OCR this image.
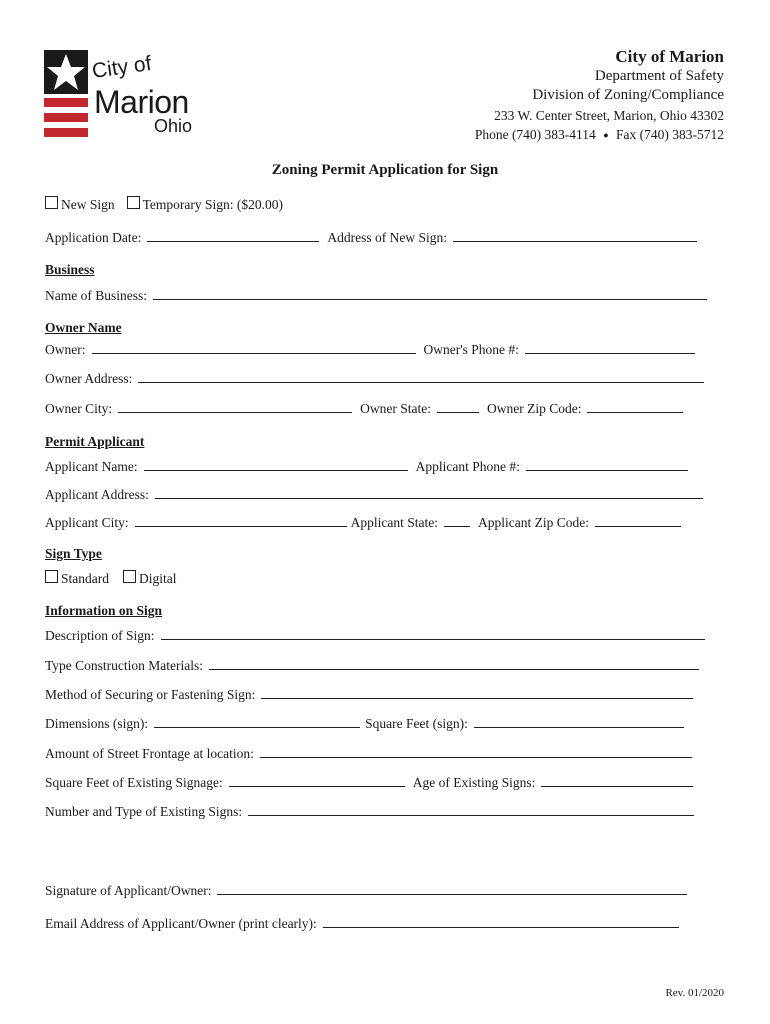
City of
Marion
Ohio
City of Marion
Department of Safety
Division of Zoning/Compliance
233 W. Center Street, Marion, Ohio 43302
Phone (740) 383-4114 ● Fax (740) 383-5712
Zoning Permit Application for Sign
New Sign Temporary Sign: ($20.00)
Application Date:	Address of New Sign:
Business
Name of Business:
Owner Name
Owner:	Owner's Phone #:
Owner Address:
Owner City:	Owner State:	Owner Zip Code:
Permit Applicant
Applicant Name:	Applicant Phone #:
Applicant Address:
Applicant City:	Applicant State:	Applicant Zip Code:
Sign Type
Standard Digital
Information on Sign
Description of Sign:
Type Construction Materials:
Method of Securing or Fastening Sign:
Dimensions (sign):	Square Feet (sign):
Amount of Street Frontage at location:
Square Feet of Existing Signage:	Age of Existing Signs:
Number and Type of Existing Signs:
Signature of Applicant/Owner:
Email Address of Applicant/Owner (print clearly):
Rev. 01/2020
